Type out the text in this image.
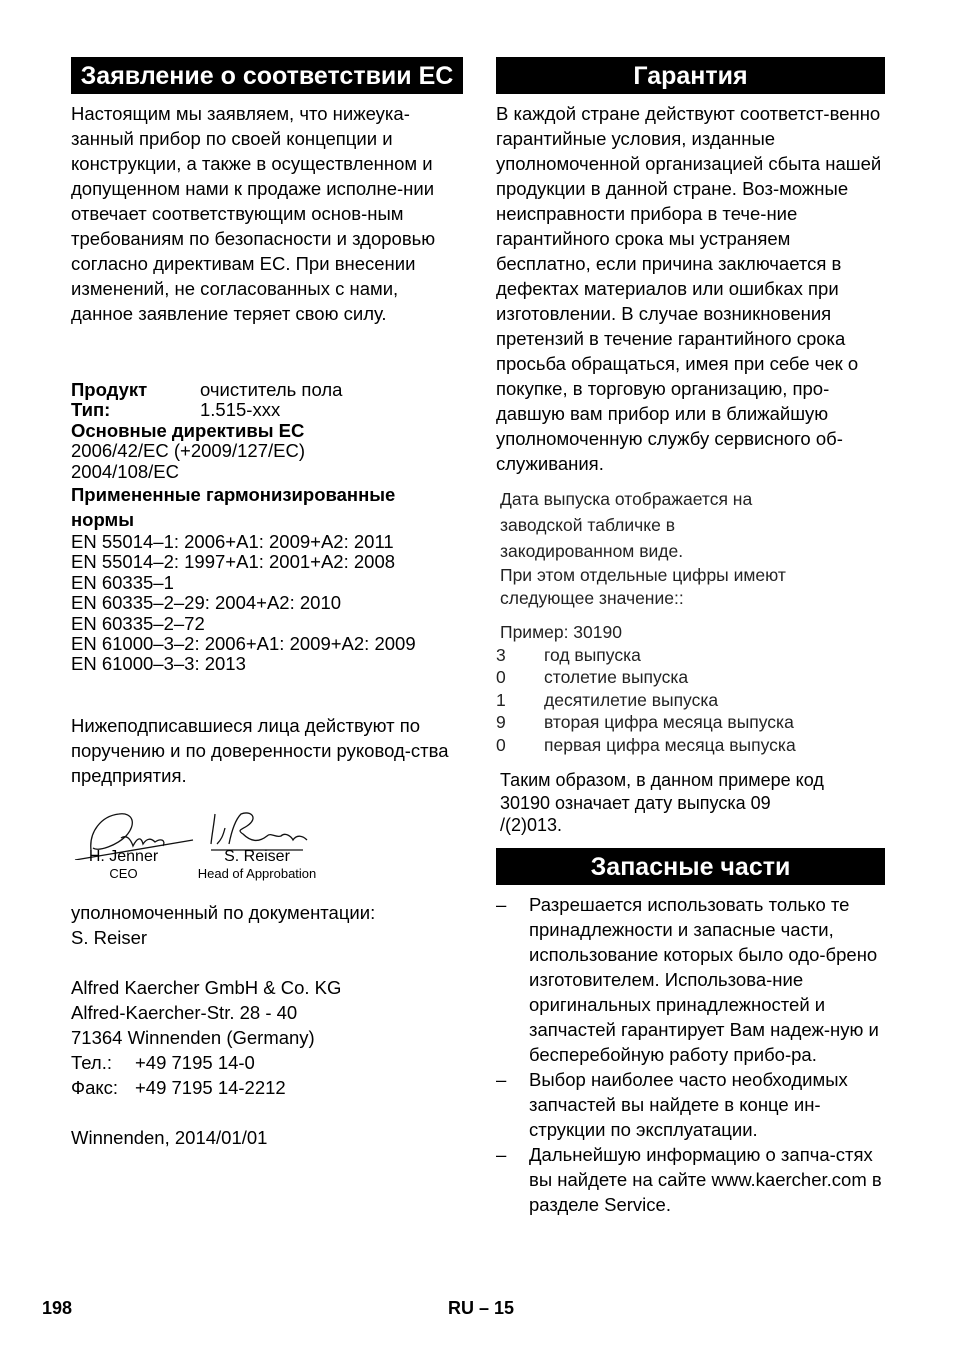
Заявление о соответствии ЕС

Настоящим мы заявляем, что нижеука-занный прибор по своей концепции и конструкции, а также в осуществленном и допущенном нами к продаже исполне-нии отвечает соответствующим основ-ным требованиям по безопасности и здоровью согласно директивам ЕС. При внесении изменений, не согласованных с нами, данное заявление теряет свою силу.

Продукт	очиститель пола
Тип:	1.515-xxx
Основные директивы ЕС
2006/42/EC (+2009/127/EC)
2004/108/EC
Примененные гармонизированные нормы
EN 55014–1: 2006+A1: 2009+A2: 2011
EN 55014–2: 1997+A1: 2001+A2: 2008
EN 60335–1
EN 60335–2–29: 2004+A2: 2010
EN 60335–2–72
EN 61000–3–2: 2006+A1: 2009+A2: 2009
EN 61000–3–3: 2013

Нижеподписавшиеся лица действуют по поручению и по доверенности руковод-ства предприятия.

H. Jenner
CEO
S. Reiser
Head of Approbation

уполномоченный по документации:

S. Reiser

Alfred Kaercher GmbH & Co. KG

Alfred-Kaercher-Str. 28 - 40

71364 Winnenden (Germany)

Тел.:	+49 7195 14-0
Факс: +49 7195 14-2212

Winnenden, 2014/01/01

Гарантия

В каждой стране действуют соответст-венно гарантийные условия, изданные уполномоченной организацией сбыта нашей продукции в данной стране. Воз-можные неисправности прибора в тече-ние гарантийного срока мы устраняем бесплатно, если причина заключается в дефектах материалов или ошибках при изготовлении. В случае возникновения претензий в течение гарантийного срока просьба обращаться, имея при себе чек о покупке, в торговую организацию, про-давшую вам прибор или в ближайшую уполномоченную службу сервисного об-служивания.

Дата выпуска отображается на заводской табличке в закодированном виде.
При этом отдельные цифры имеют следующее значение::
Пример: 30190
3	год выпуска
0	столетие выпуска
1	десятилетие выпуска
9	вторая цифра месяца выпуска
0	первая цифра месяца выпуска
Таким образом, в данном примере код 30190 означает дату выпуска 09 /(2)013.
Запасные части
–	Разрешается использовать только те принадлежности и запасные части, использование которых было одо-брено изготовителем. Использова-ние оригинальных принадлежностей и запчастей гарантирует Вам надеж-ную и бесперебойную работу прибо-ра.
–	Выбор наиболее часто необходимых запчастей вы найдете в конце ин-струкции по эксплуатации.
–	Дальнейшую информацию о запча-стях вы найдете на сайте www.kaercher.com в разделе Service.
198	RU – 15
